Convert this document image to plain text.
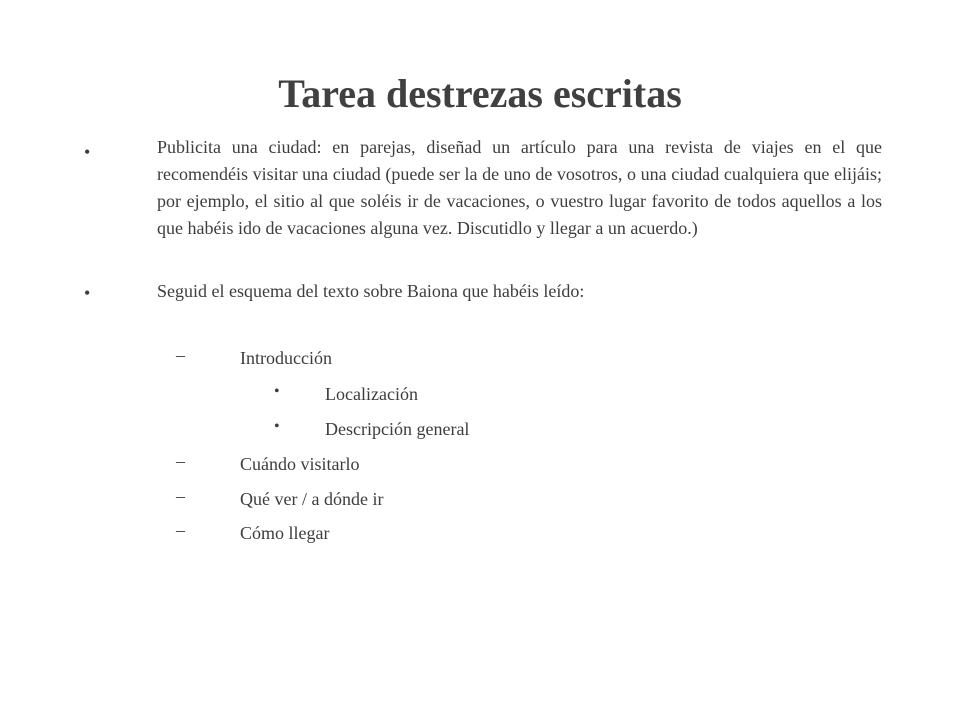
Tarea destrezas escritas
•	Publicita una ciudad: en parejas, diseñad un artículo para una revista de viajes en el que recomendéis visitar una ciudad (puede ser la de uno de vosotros, o una ciudad cualquiera que elijáis; por ejemplo, el sitio al que soléis ir de vacaciones, o vuestro lugar favorito de todos aquellos a los que habéis ido de vacaciones alguna vez. Discutidlo y llegar a un acuerdo.)
•	Seguid el esquema del texto sobre Baiona que habéis leído:
–	Introducción
•	Localización
•	Descripción general
–	Cuándo visitarlo
–	Qué ver / a dónde ir
–	Cómo llegar
